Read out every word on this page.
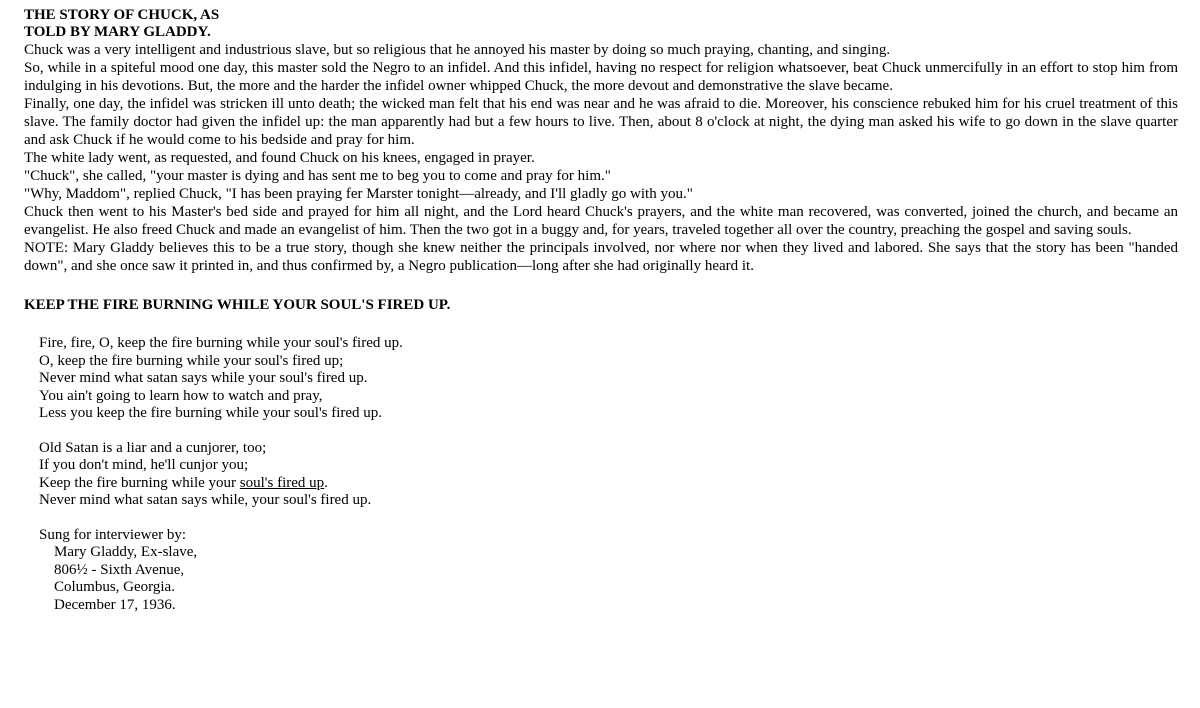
THE STORY OF CHUCK, AS
TOLD BY MARY GLADDY.

Chuck was a very intelligent and industrious slave, but so religious that he annoyed his master by doing so much praying, chanting, and singing.

So, while in a spiteful mood one day, this master sold the Negro to an infidel. And this infidel, having no respect for religion whatsoever, beat Chuck unmercifully in an effort to stop him from indulging in his devotions. But, the more and the harder the infidel owner whipped Chuck, the more devout and demonstrative the slave became.

Finally, one day, the infidel was stricken ill unto death; the wicked man felt that his end was near and he was afraid to die. Moreover, his conscience rebuked him for his cruel treatment of this slave. The family doctor had given the infidel up: the man apparently had but a few hours to live. Then, about 8 o'clock at night, the dying man asked his wife to go down in the slave quarter and ask Chuck if he would come to his bedside and pray for him.

The white lady went, as requested, and found Chuck on his knees, engaged in prayer.

"Chuck", she called, "your master is dying and has sent me to beg you to come and pray for him."

"Why, Maddom", replied Chuck, "I has been praying fer Marster tonight—already, and I'll gladly go with you."

Chuck then went to his Master's bed side and prayed for him all night, and the Lord heard Chuck's prayers, and the white man recovered, was converted, joined the church, and became an evangelist. He also freed Chuck and made an evangelist of him. Then the two got in a buggy and, for years, traveled together all over the country, preaching the gospel and saving souls.

NOTE: Mary Gladdy believes this to be a true story, though she knew neither the principals involved, nor where nor when they lived and labored. She says that the story has been "handed down", and she once saw it printed in, and thus confirmed by, a Negro publication—long after she had originally heard it.

KEEP THE FIRE BURNING WHILE YOUR SOUL'S FIRED UP.
Fire, fire, O, keep the fire burning while your soul's fired up.
O, keep the fire burning while your soul's fired up;
Never mind what satan says while your soul's fired up.
You ain't going to learn how to watch and pray,
Less you keep the fire burning while your soul's fired up.
Old Satan is a liar and a cunjorer, too;
If you don't mind, he'll cunjor you;
Keep the fire burning while your soul's fired up.
Never mind what satan says while, your soul's fired up.
Sung for interviewer by:
Mary Gladdy, Ex-slave,
806½ - Sixth Avenue,
Columbus, Georgia.
December 17, 1936.
